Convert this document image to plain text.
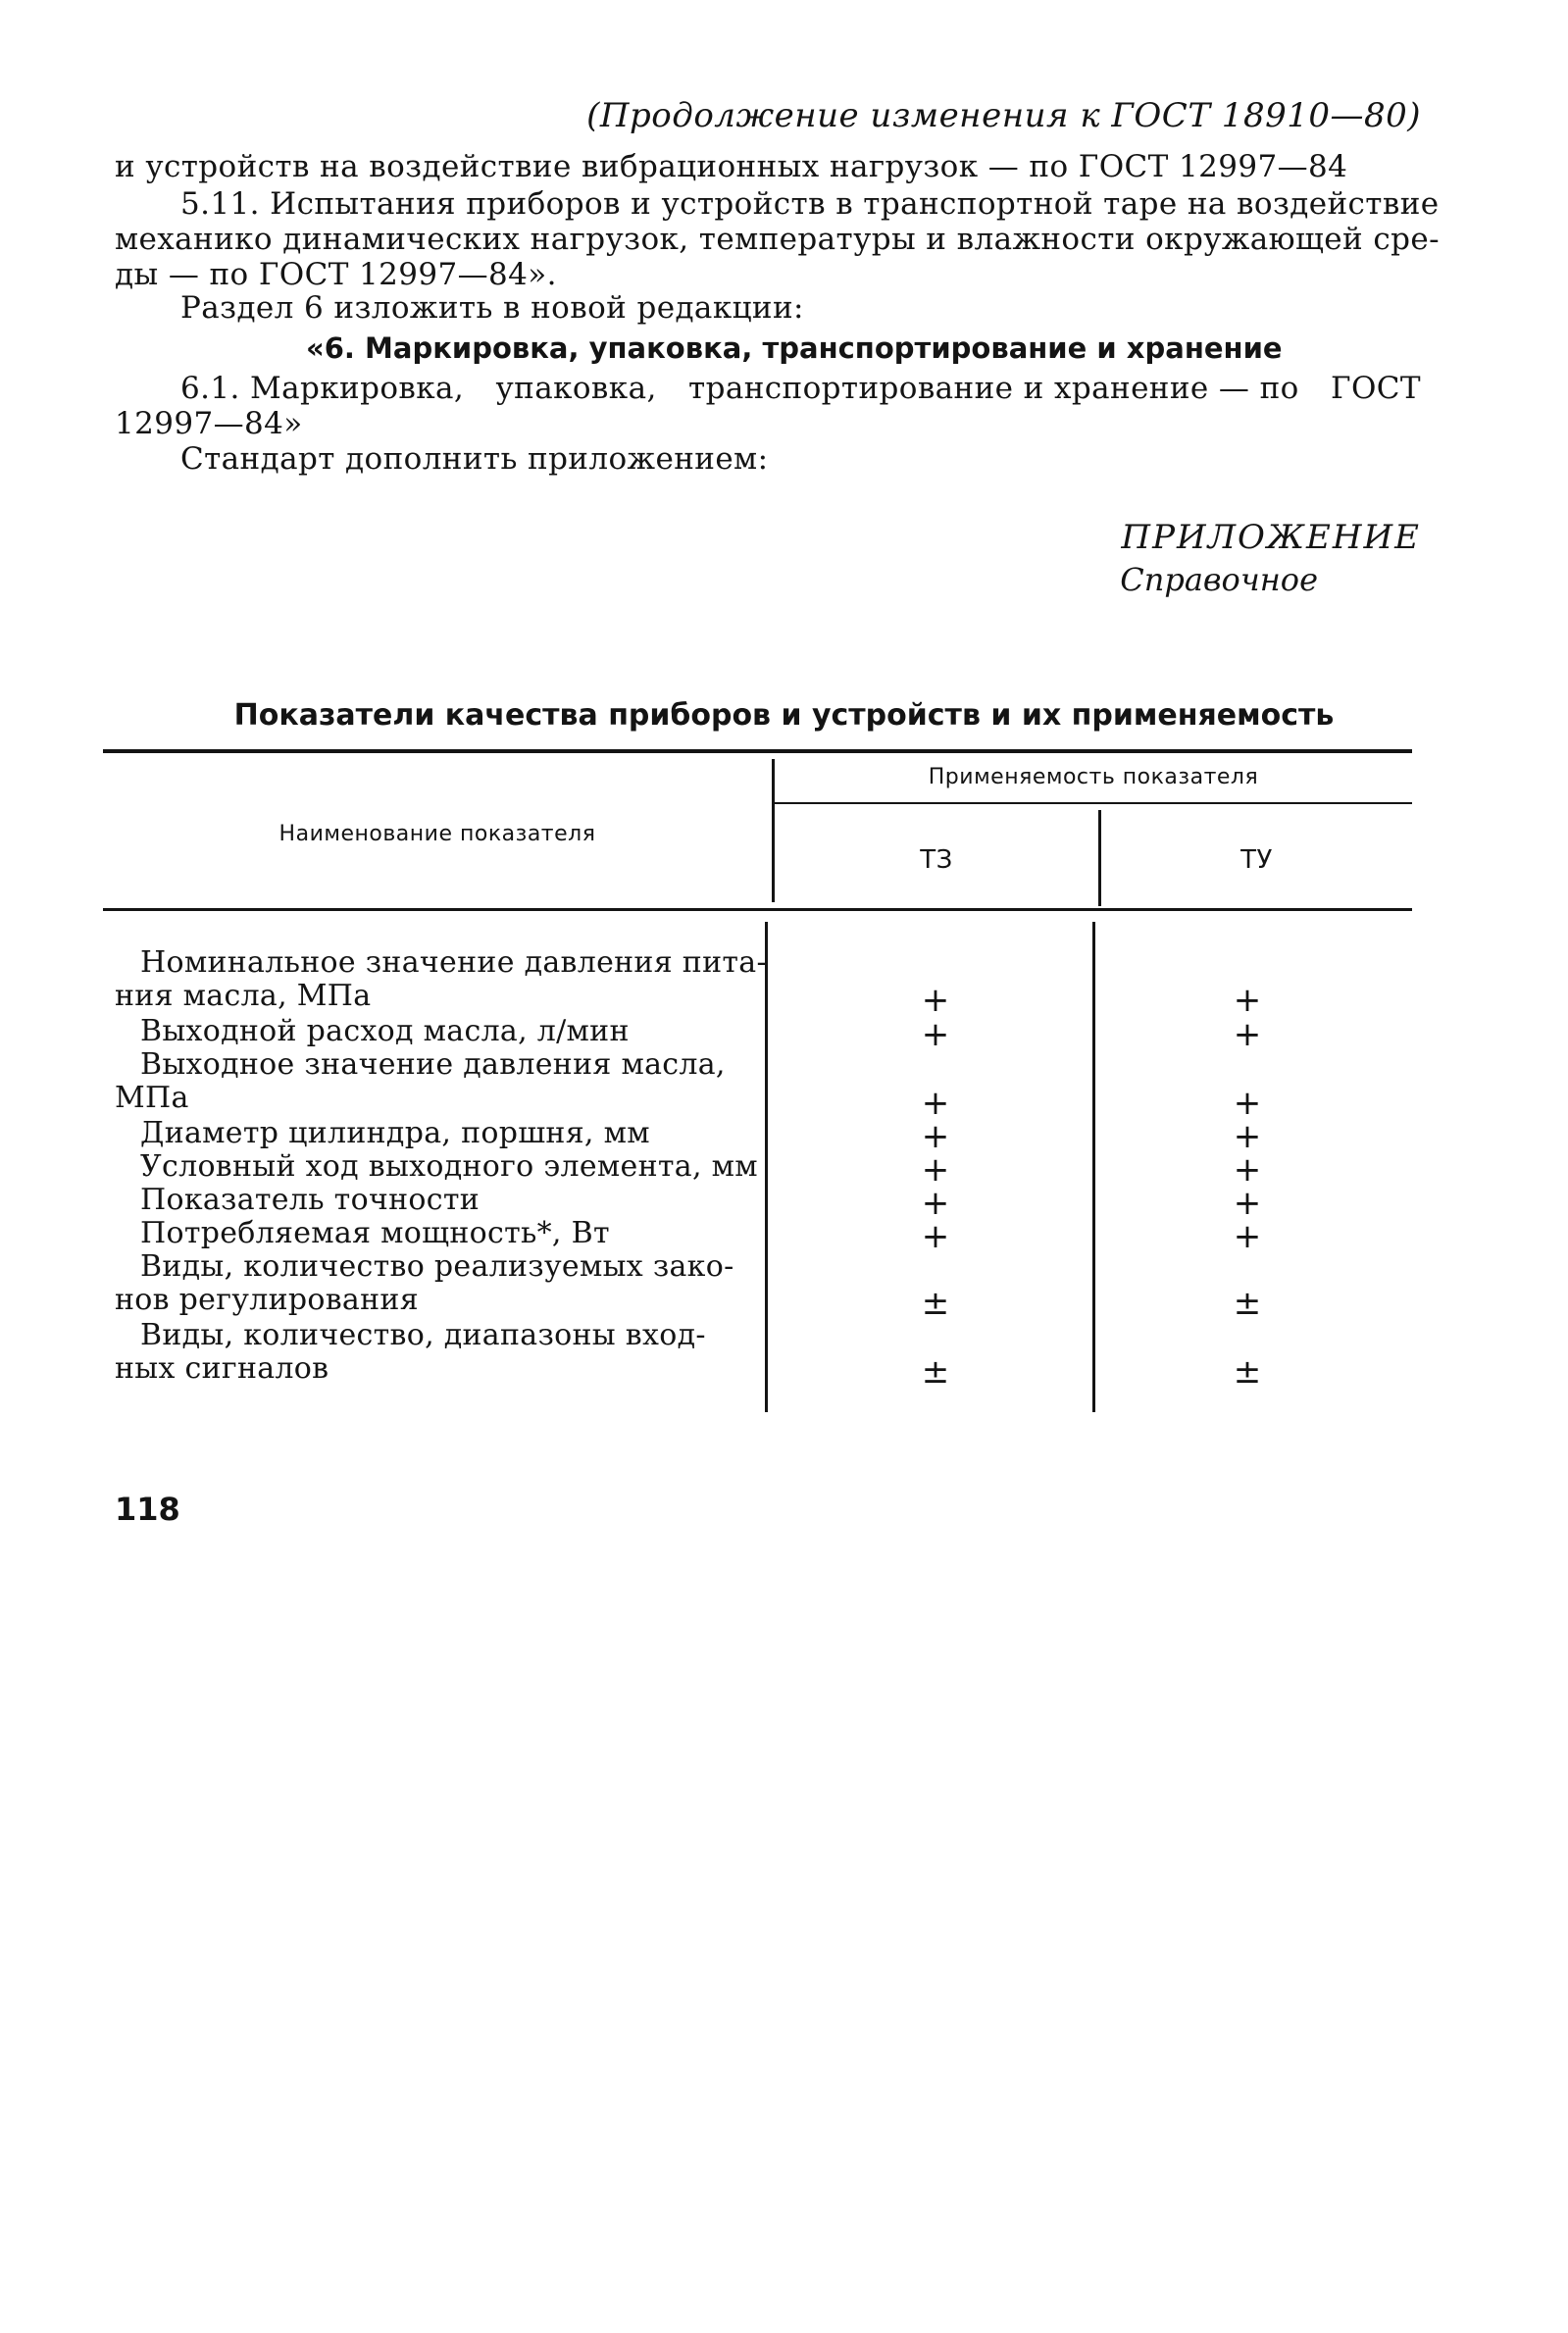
(Продолжение изменения к ГОСТ 18910—80)
и устройств на воздействие вибрационных нагрузок — по ГОСТ 12997—84
5.11. Испытания приборов и устройств в транспортной таре на воздействие
механико динамических нагрузок, температуры и влажности окружающей сре-
ды — по ГОСТ 12997—84».
Раздел 6 изложить в новой редакции:
«6. Маркировка, упаковка, транспортирование и хранение
6.1. Маркировка, упаковка, транспортирование и хранение — по ГОСТ
12997—84»
Стандарт дополнить приложением:
ПРИЛОЖЕНИЕ
Справочное
Показатели качества приборов и устройств и их применяемость
Наименование показателя
Применяемость показателя
ТЗ	ТУ
Номинальное значение давления пита-
ния масла, МПа	+	+
Выходной расход масла, л/мин	+	+
Выходное значение давления масла,
МПа	+	+
Диаметр цилиндра, поршня, мм	+	+
Условный ход выходного элемента, мм	+	+
Показатель точности	+	+
Потребляемая мощность*, Вт	+	+
Виды, количество реализуемых зако-
нов регулирования	±	±
Виды, количество, диапазоны вход-
ных сигналов	±	±
118
